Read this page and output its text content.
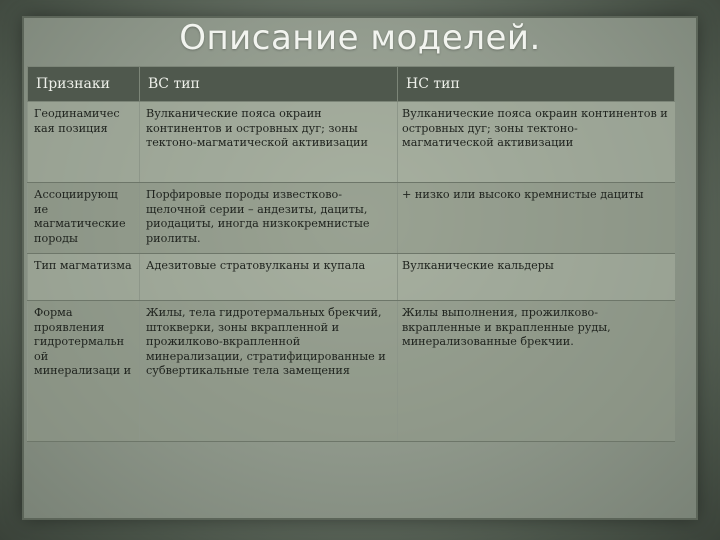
Описание моделей.
Признаки	ВС тип	НС тип
Геодинамичес кая позиция	Вулканические пояса окраин континентов и островных дуг; зоны тектоно-магматической активизации	Вулканические пояса окраин континентов и островных дуг; зоны тектоно-магматической активизации
Ассоциирующ ие магматические породы	Порфировые породы известково-щелочной серии – андезиты, дациты, риодациты, иногда низкокремнистые риолиты.	+ низко или высоко кремнистые дациты
Тип магматизма	Адезитовые стратовулканы и купала	Вулканические кальдеры
Форма проявления гидротермальн ой минерализаци и	Жилы, тела гидротермальных брекчий, штокверки, зоны вкрапленной и прожилково-вкрапленной минерализации, стратифицированные и субвертикальные тела замещения	Жилы выполнения, прожилково-вкрапленные и вкрапленные руды, минерализованные брекчии.
